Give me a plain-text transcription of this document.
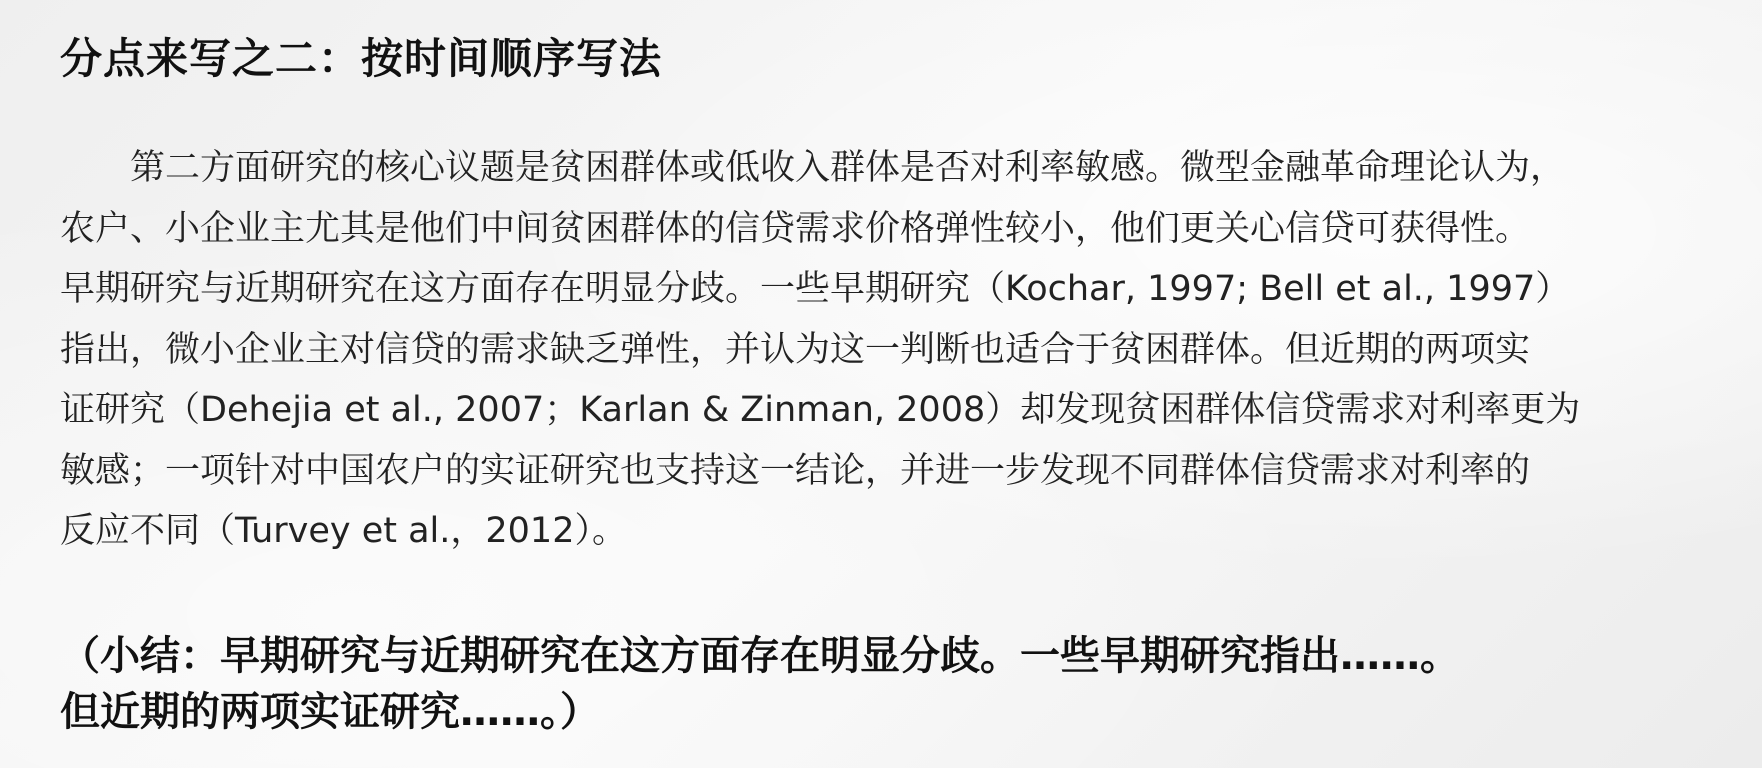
分点来写之二：按时间顺序写法
第二方面研究的核心议题是贫困群体或低收入群体是否对利率敏感。微型金融革命理论认为，
农户、小企业主尤其是他们中间贫困群体的信贷需求价格弹性较小，他们更关心信贷可获得性。
早期研究与近期研究在这方面存在明显分歧。一些早期研究（Kochar, 1997; Bell et al., 1997）
指出，微小企业主对信贷的需求缺乏弹性，并认为这一判断也适合于贫困群体。但近期的两项实
证研究（Dehejia et al., 2007；Karlan & Zinman, 2008）却发现贫困群体信贷需求对利率更为
敏感；一项针对中国农户的实证研究也支持这一结论，并进一步发现不同群体信贷需求对利率的
反应不同（Turvey et al.，2012）。
（小结：早期研究与近期研究在这方面存在明显分歧。一些早期研究指出……。
但近期的两项实证研究……。）
